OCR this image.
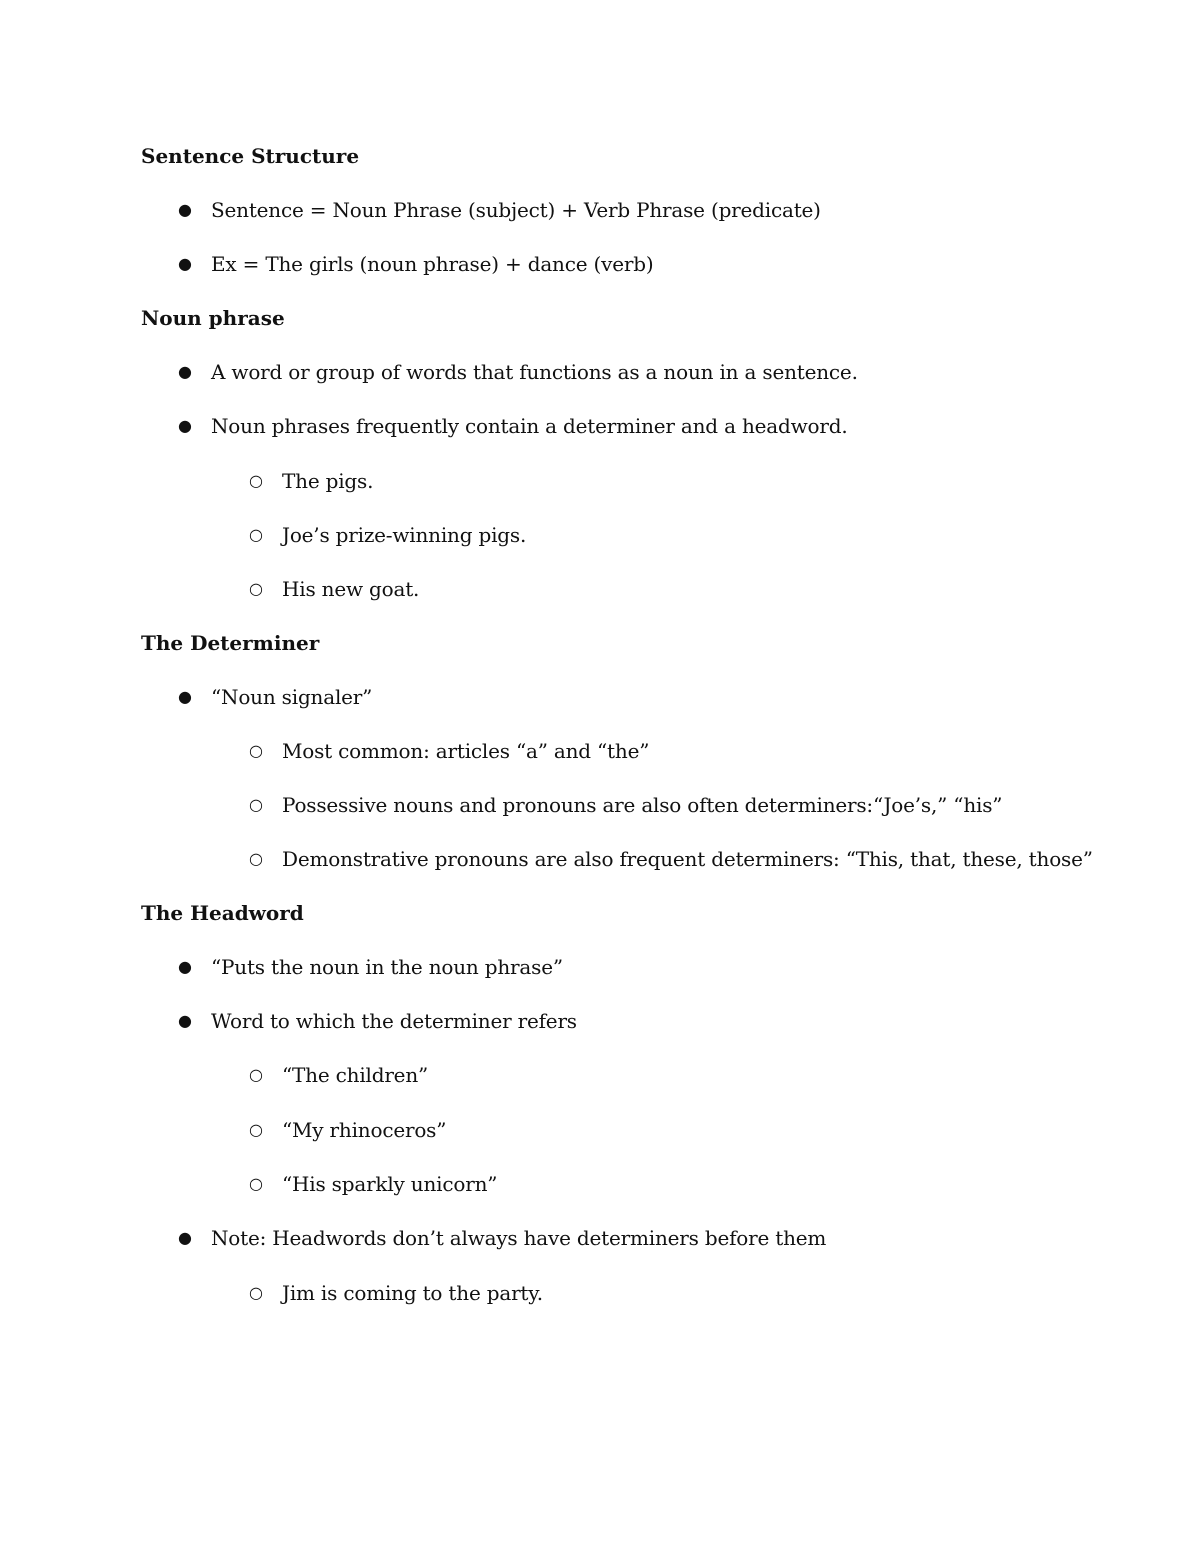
Sentence Structure
● Sentence = Noun Phrase (subject) + Verb Phrase (predicate)
● Ex = The girls (noun phrase) + dance (verb)
Noun phrase
● A word or group of words that functions as a noun in a sentence.
● Noun phrases frequently contain a determiner and a headword.
○ The pigs.
○ Joe’s prize-winning pigs.
○ His new goat.
The Determiner
● “Noun signaler”
○ Most common: articles “a” and “the”
○ Possessive nouns and pronouns are also often determiners:“Joe’s,” “his”
○ Demonstrative pronouns are also frequent determiners: “This, that, these, those”
The Headword
● “Puts the noun in the noun phrase”
● Word to which the determiner refers
○ “The children”
○ “My rhinoceros”
○ “His sparkly unicorn”
● Note: Headwords don’t always have determiners before them
○ Jim is coming to the party.
